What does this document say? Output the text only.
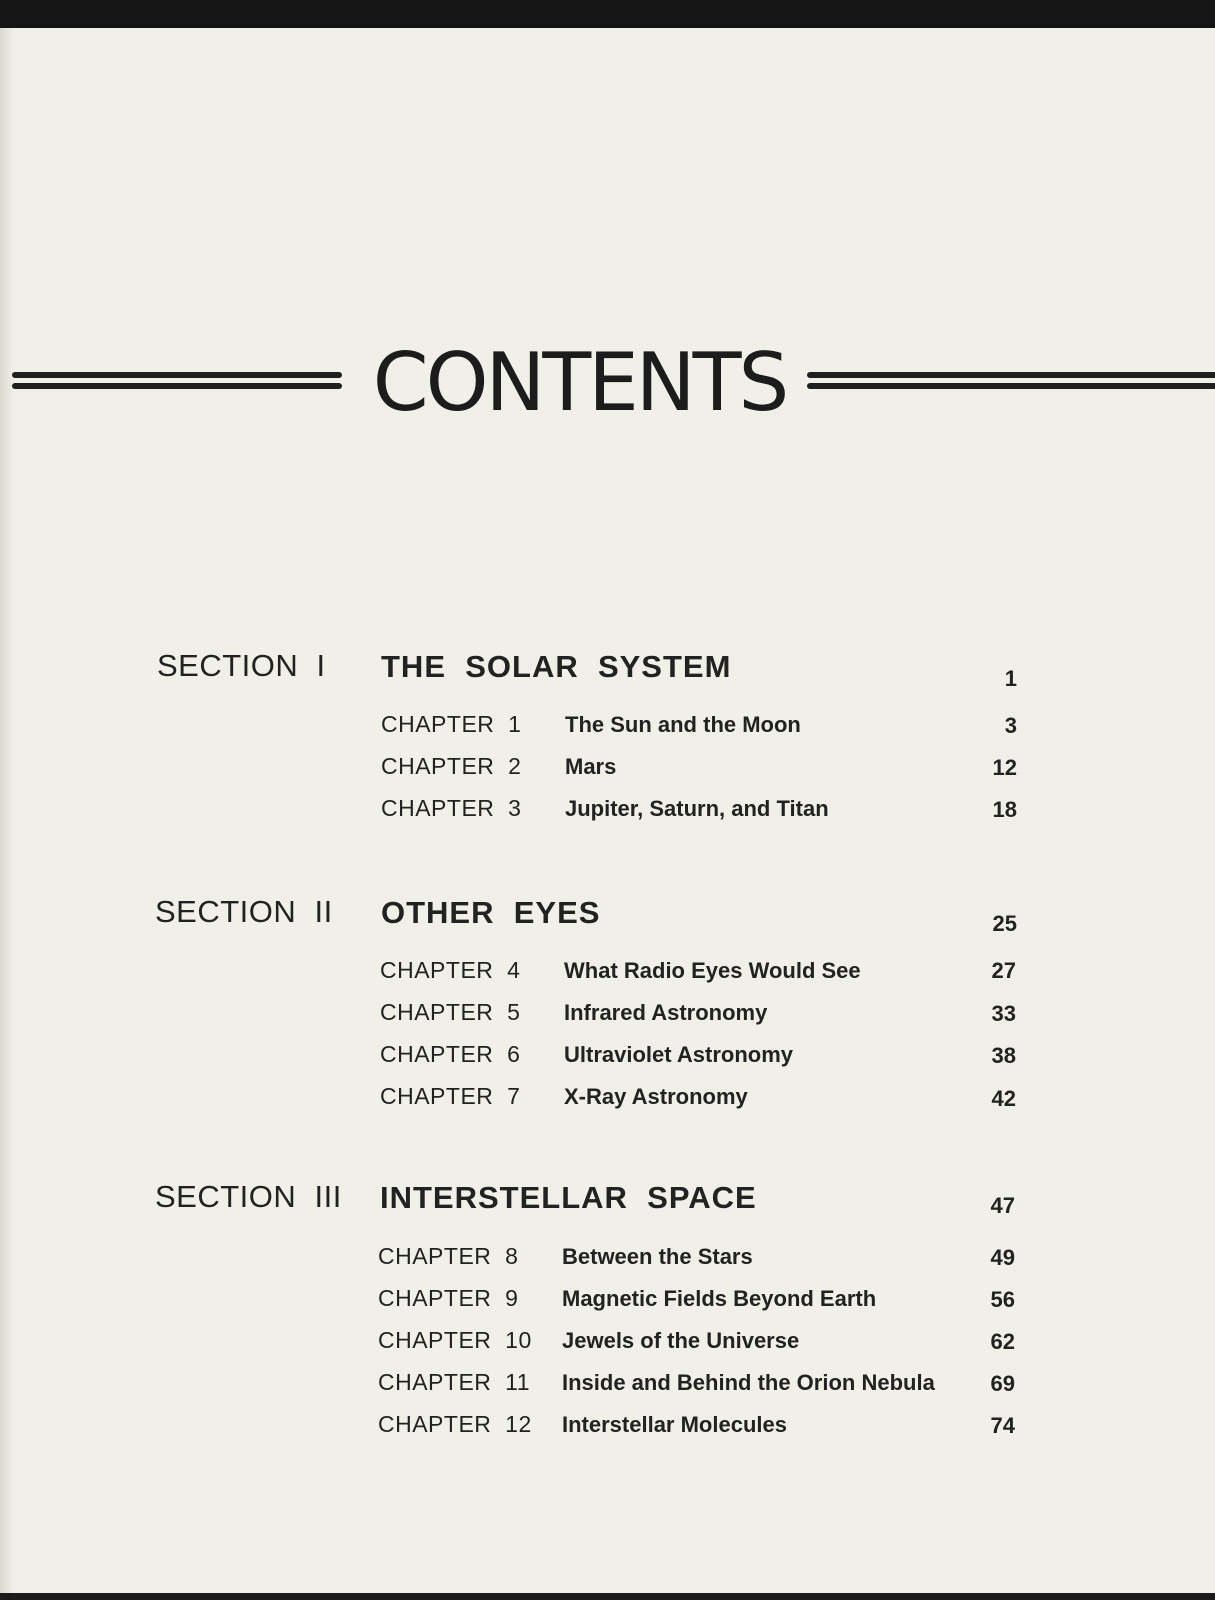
CONTENTS
SECTION  I THE  SOLAR  SYSTEM	1
CHAPTER  1 The Sun and the Moon	3
CHAPTER  2 Mars	12
CHAPTER  3 Jupiter, Saturn, and Titan	18
SECTION  II OTHER  EYES	25
CHAPTER  4 What Radio Eyes Would See	27
CHAPTER  5 Infrared Astronomy	33
CHAPTER  6 Ultraviolet Astronomy	38
CHAPTER  7 X-Ray Astronomy	42
SECTION  III INTERSTELLAR  SPACE	47
CHAPTER  8 Between the Stars	49
CHAPTER  9 Magnetic Fields Beyond Earth	56
CHAPTER  10 Jewels of the Universe	62
CHAPTER  11 Inside and Behind the Orion Nebula	69
CHAPTER  12 Interstellar Molecules	74
